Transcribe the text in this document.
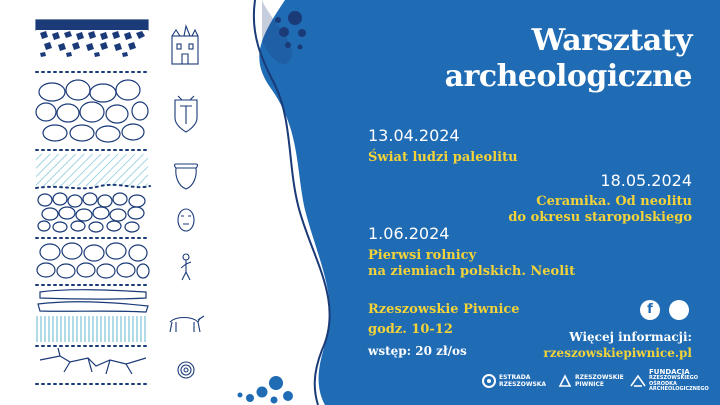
Warsztaty
archeologiczne
13.04.2024
Świat ludzi paleolitu
18.05.2024
Ceramika. Od neolitu
do okresu staropolskiego
1.06.2024
Pierwsi rolnicy
na ziemiach polskich. Neolit
Rzeszowskie Piwnice
godz. 10-12
wstęp: 20 zł/os
f
Więcej informacji:
rzeszowskiepiwnice.pl
ESTRADA
RZESZOWSKA
RZESZOWSKIE
PIWNICE
FUNDACJA
RZESZOWSKIEGO OŚRODKA
ARCHEOLOGICZNEGO
